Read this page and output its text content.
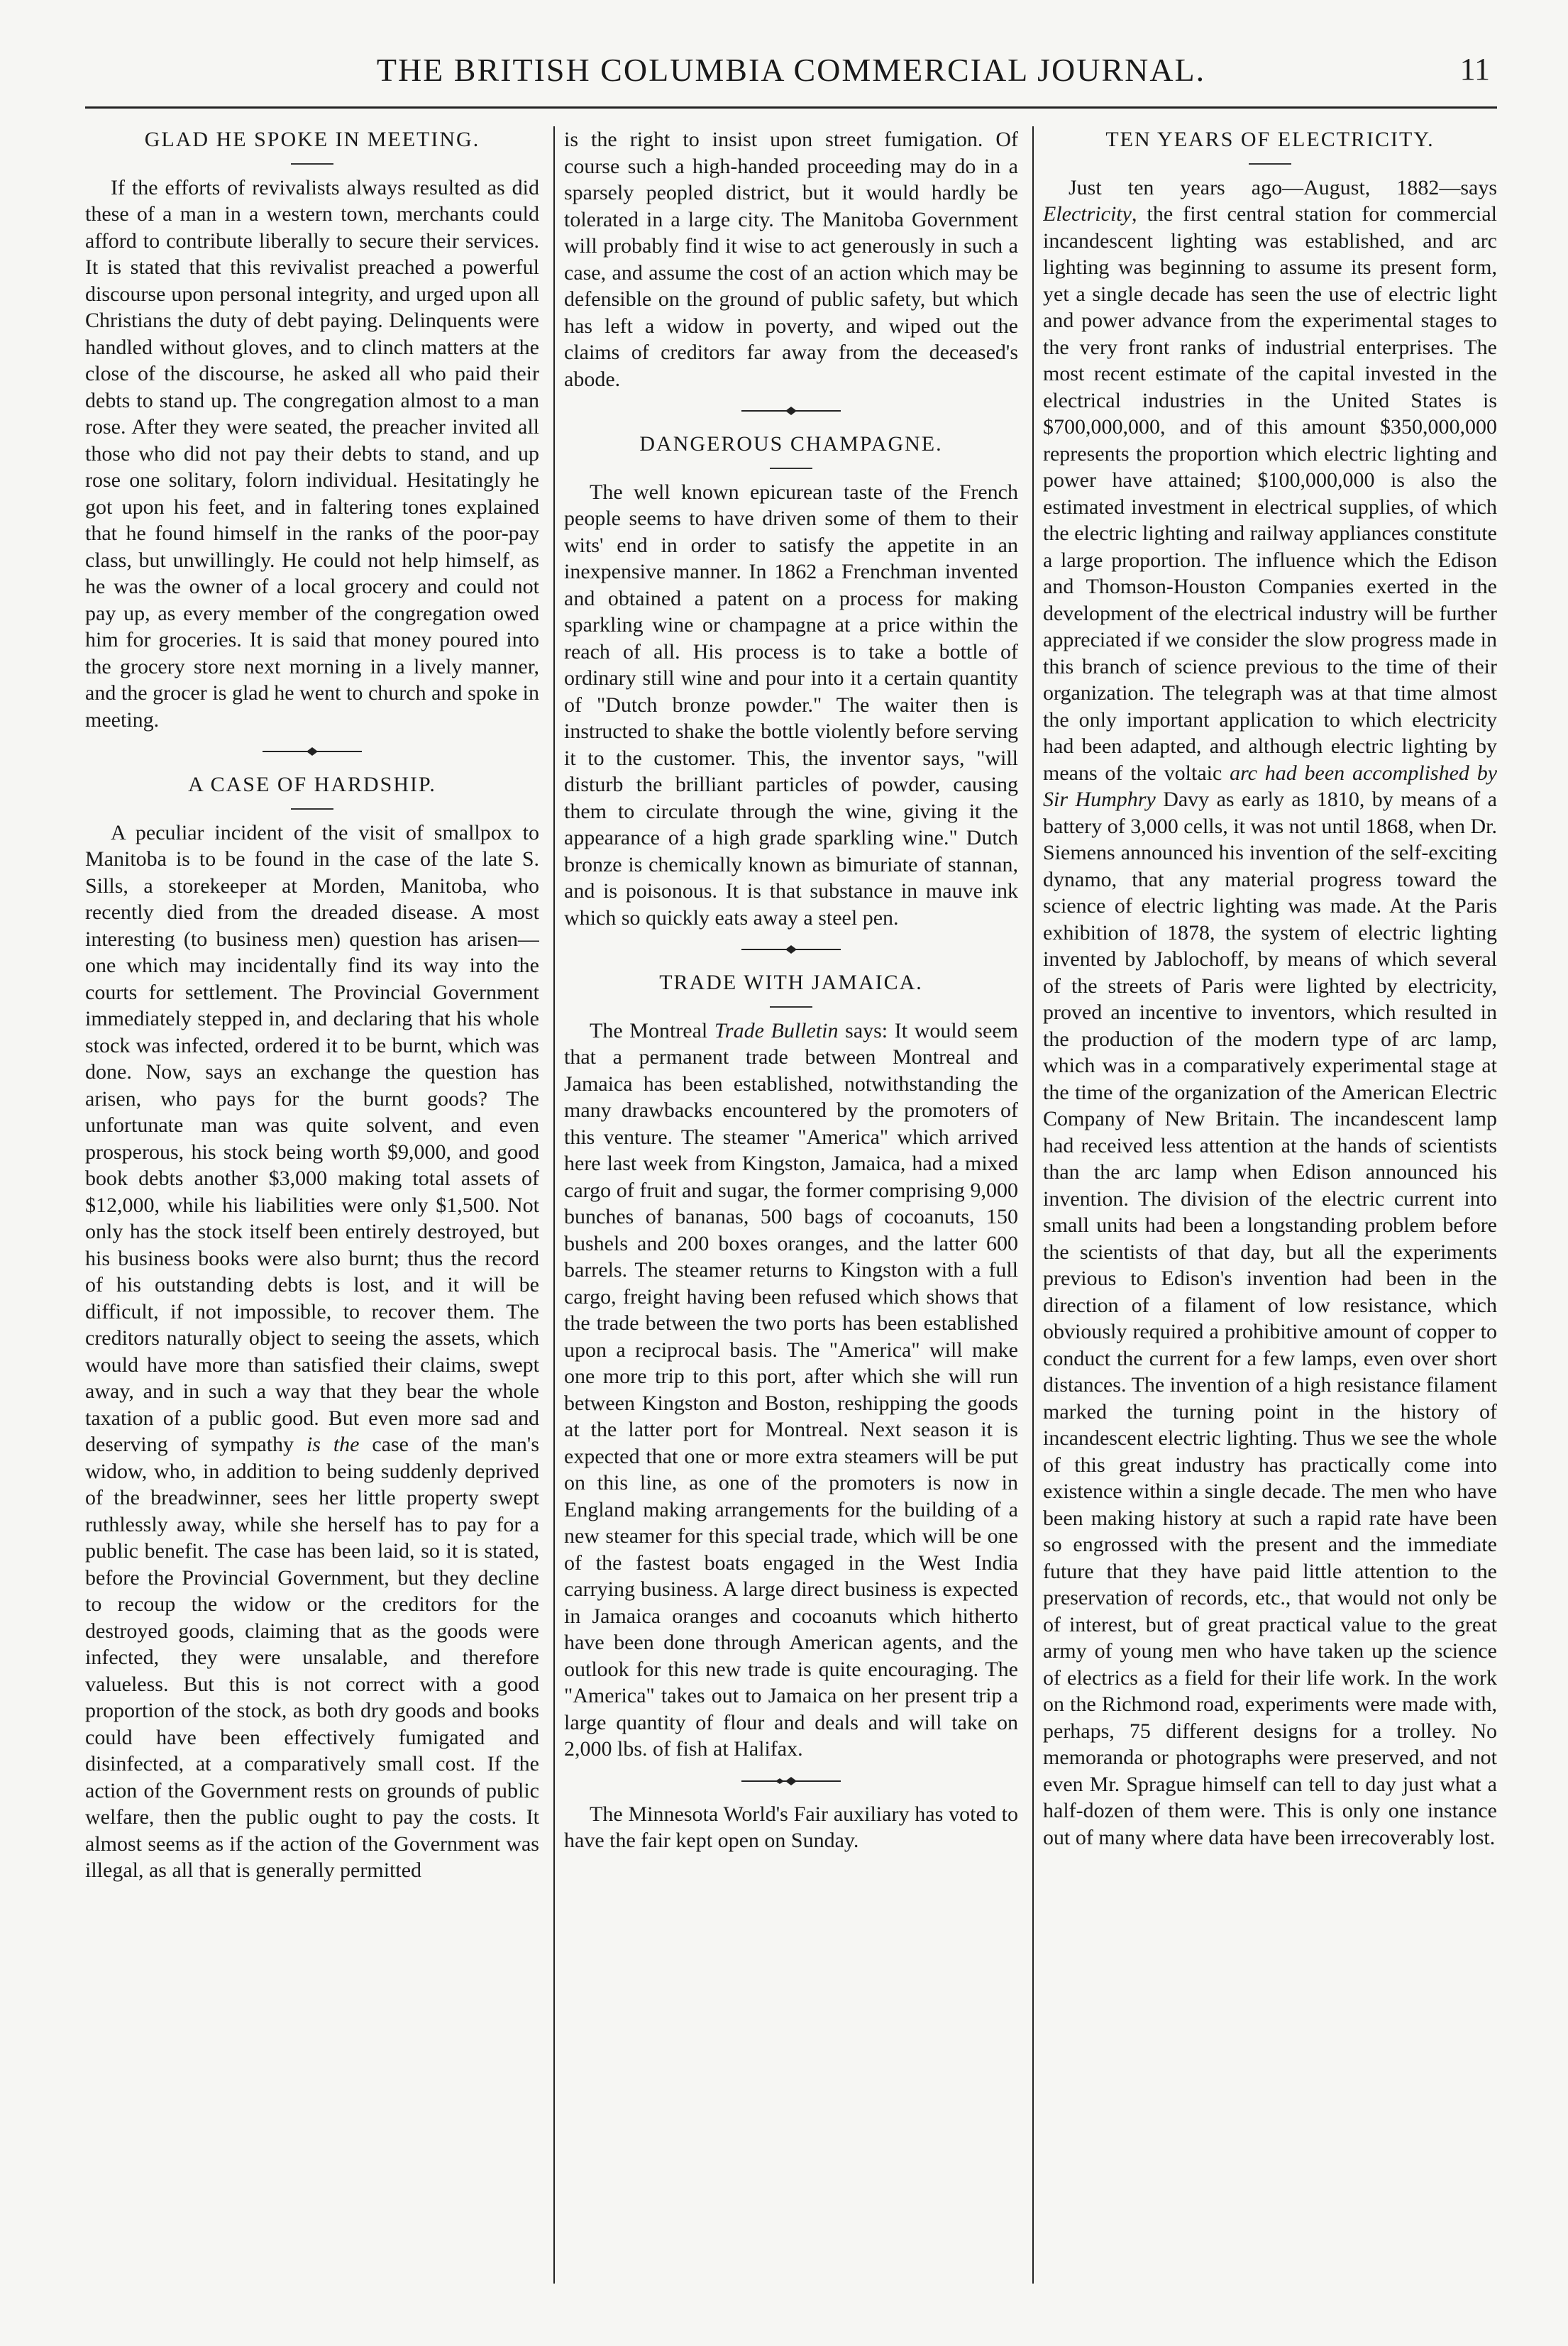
THE BRITISH COLUMBIA COMMERCIAL JOURNAL.	11
GLAD HE SPOKE IN MEETING.

If the efforts of revivalists always resulted as did these of a man in a western town, merchants could afford to contribute liberally to secure their services. It is stated that this revivalist preached a powerful discourse upon personal integrity, and urged upon all Christians the duty of debt paying. Delinquents were handled without gloves, and to clinch matters at the close of the discourse, he asked all who paid their debts to stand up. The congregation almost to a man rose. After they were seated, the preacher invited all those who did not pay their debts to stand, and up rose one solitary, folorn individual. Hesitatingly he got upon his feet, and in faltering tones explained that he found himself in the ranks of the poor-pay class, but unwillingly. He could not help himself, as he was the owner of a local grocery and could not pay up, as every member of the congregation owed him for groceries. It is said that money poured into the grocery store next morning in a lively manner, and the grocer is glad he went to church and spoke in meeting.

A CASE OF HARDSHIP.

A peculiar incident of the visit of smallpox to Manitoba is to be found in the case of the late S. Sills, a storekeeper at Morden, Manitoba, who recently died from the dreaded disease. A most interesting (to business men) question has arisen—one which may incidentally find its way into the courts for settlement. The Provincial Government immediately stepped in, and declaring that his whole stock was infected, ordered it to be burnt, which was done. Now, says an exchange the question has arisen, who pays for the burnt goods? The unfortunate man was quite solvent, and even prosperous, his stock being worth $9,000, and good book debts another $3,000 making total assets of $12,000, while his liabilities were only $1,500. Not only has the stock itself been entirely destroyed, but his business books were also burnt; thus the record of his outstanding debts is lost, and it will be difficult, if not impossible, to recover them. The creditors naturally object to seeing the assets, which would have more than satisfied their claims, swept away, and in such a way that they bear the whole taxation of a public good. But even more sad and deserving of sympathy is the case of the man's widow, who, in addition to being suddenly deprived of the breadwinner, sees her little property swept ruthlessly away, while she herself has to pay for a public benefit. The case has been laid, so it is stated, before the Provincial Government, but they decline to recoup the widow or the creditors for the destroyed goods, claiming that as the goods were infected, they were unsalable, and therefore valueless. But this is not correct with a good proportion of the stock, as both dry goods and books could have been effectively fumigated and disinfected, at a comparatively small cost. If the action of the Government rests on grounds of public welfare, then the public ought to pay the costs. It almost seems as if the action of the Government was illegal, as all that is generally permitted

is the right to insist upon street fumigation. Of course such a high-handed proceeding may do in a sparsely peopled district, but it would hardly be tolerated in a large city. The Manitoba Government will probably find it wise to act generously in such a case, and assume the cost of an action which may be defensible on the ground of public safety, but which has left a widow in poverty, and wiped out the claims of creditors far away from the deceased's abode.

DANGEROUS CHAMPAGNE.

The well known epicurean taste of the French people seems to have driven some of them to their wits' end in order to satisfy the appetite in an inexpensive manner. In 1862 a Frenchman invented and obtained a patent on a process for making sparkling wine or champagne at a price within the reach of all. His process is to take a bottle of ordinary still wine and pour into it a certain quantity of "Dutch bronze powder." The waiter then is instructed to shake the bottle violently before serving it to the customer. This, the inventor says, "will disturb the brilliant particles of powder, causing them to circulate through the wine, giving it the appearance of a high grade sparkling wine." Dutch bronze is chemically known as bimuriate of stannan, and is poisonous. It is that substance in mauve ink which so quickly eats away a steel pen.

TRADE WITH JAMAICA.

The Montreal Trade Bulletin says: It would seem that a permanent trade between Montreal and Jamaica has been established, notwithstanding the many drawbacks encountered by the promoters of this venture. The steamer "America" which arrived here last week from Kingston, Jamaica, had a mixed cargo of fruit and sugar, the former comprising 9,000 bunches of bananas, 500 bags of cocoanuts, 150 bushels and 200 boxes oranges, and the latter 600 barrels. The steamer returns to Kingston with a full cargo, freight having been refused which shows that the trade between the two ports has been established upon a reciprocal basis. The "America" will make one more trip to this port, after which she will run between Kingston and Boston, reshipping the goods at the latter port for Montreal. Next season it is expected that one or more extra steamers will be put on this line, as one of the promoters is now in England making arrangements for the building of a new steamer for this special trade, which will be one of the fastest boats engaged in the West India carrying business. A large direct business is expected in Jamaica oranges and cocoanuts which hitherto have been done through American agents, and the outlook for this new trade is quite encouraging. The "America" takes out to Jamaica on her present trip a large quantity of flour and deals and will take on 2,000 lbs. of fish at Halifax.

The Minnesota World's Fair auxiliary has voted to have the fair kept open on Sunday.

TEN YEARS OF ELECTRICITY.

Just ten years ago—August, 1882—says Electricity, the first central station for commercial incandescent lighting was established, and arc lighting was beginning to assume its present form, yet a single decade has seen the use of electric light and power advance from the experimental stages to the very front ranks of industrial enterprises. The most recent estimate of the capital invested in the electrical industries in the United States is $700,000,000, and of this amount $350,000,000 represents the proportion which electric lighting and power have attained; $100,000,000 is also the estimated investment in electrical supplies, of which the electric lighting and railway appliances constitute a large proportion. The influence which the Edison and Thomson-Houston Companies exerted in the development of the electrical industry will be further appreciated if we consider the slow progress made in this branch of science previous to the time of their organization. The telegraph was at that time almost the only important application to which electricity had been adapted, and although electric lighting by means of the voltaic arc had been accomplished by Sir Humphry Davy as early as 1810, by means of a battery of 3,000 cells, it was not until 1868, when Dr. Siemens announced his invention of the self-exciting dynamo, that any material progress toward the science of electric lighting was made. At the Paris exhibition of 1878, the system of electric lighting invented by Jablochoff, by means of which several of the streets of Paris were lighted by electricity, proved an incentive to inventors, which resulted in the production of the modern type of arc lamp, which was in a comparatively experimental stage at the time of the organization of the American Electric Company of New Britain. The incandescent lamp had received less attention at the hands of scientists than the arc lamp when Edison announced his invention. The division of the electric current into small units had been a longstanding problem before the scientists of that day, but all the experiments previous to Edison's invention had been in the direction of a filament of low resistance, which obviously required a prohibitive amount of copper to conduct the current for a few lamps, even over short distances. The invention of a high resistance filament marked the turning point in the history of incandescent electric lighting. Thus we see the whole of this great industry has practically come into existence within a single decade. The men who have been making history at such a rapid rate have been so engrossed with the present and the immediate future that they have paid little attention to the preservation of records, etc., that would not only be of interest, but of great practical value to the great army of young men who have taken up the science of electrics as a field for their life work. In the work on the Richmond road, experiments were made with, perhaps, 75 different designs for a trolley. No memoranda or photographs were preserved, and not even Mr. Sprague himself can tell to day just what a half-dozen of them were. This is only one instance out of many where data have been irrecoverably lost.
